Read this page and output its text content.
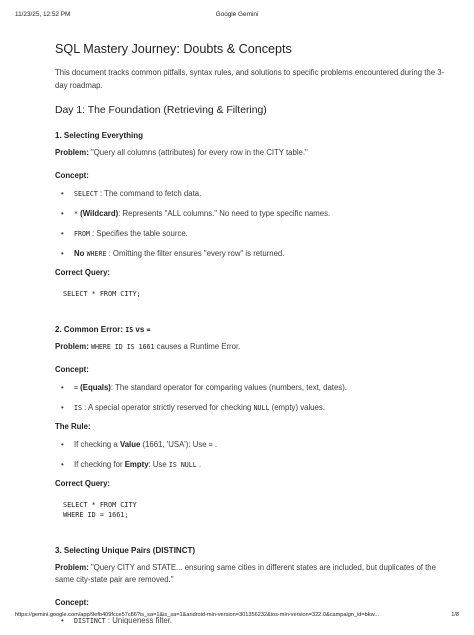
11/23/25, 12:52 PM	Google Gemini
SQL Mastery Journey: Doubts & Concepts

This document tracks common pitfalls, syntax rules, and solutions to specific problems encountered during the 3-day roadmap.

Day 1: The Foundation (Retrieving & Filtering)
1. Selecting Everything

Problem: "Query all columns (attributes) for every row in the CITY table."

Concept:
• SELECT : The command to fetch data.
• * (Wildcard): Represents "ALL columns." No need to type specific names.
• FROM : Specifies the table source.
• No WHERE : Omitting the filter ensures "every row" is returned.
Correct Query:
SELECT * FROM CITY;
2. Common Error: IS vs =

Problem: WHERE ID IS 1661 causes a Runtime Error.

Concept:
• = (Equals): The standard operator for comparing values (numbers, text, dates).
• IS : A special operator strictly reserved for checking NULL (empty) values.
The Rule:
• If checking a Value (1661, 'USA'): Use = .
• If checking for Empty: Use IS NULL .
Correct Query:
SELECT * FROM CITY
WHERE ID = 1661;
3. Selecting Unique Pairs (DISTINCT)

Problem: "Query CITY and STATE... ensuring same cities in different states are included, but duplicates of the same city-state pair are removed."

Concept:
• DISTINCT : Uniqueness filter.
https://gemini.google.com/app/9efb409fcce57c86?is_sa=1&is_sa=1&android-min-version=301356232&ios-min-version=322.0&campaign_id=bkw...	1/8
